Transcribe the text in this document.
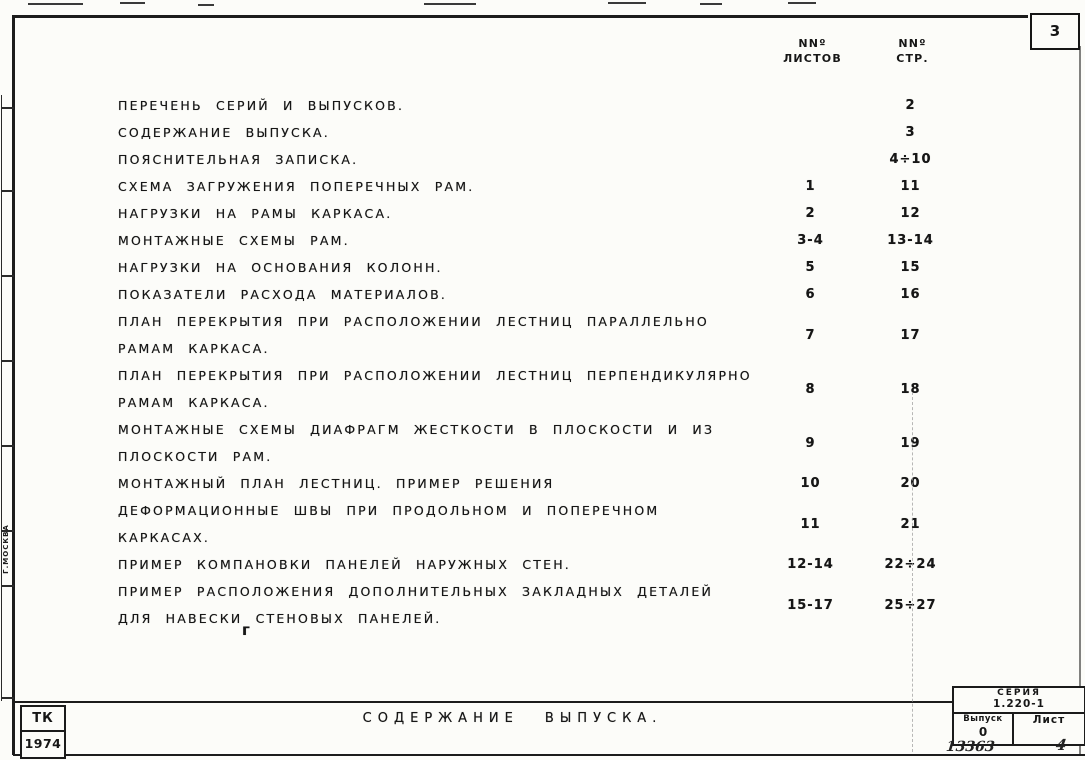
3
Г.МОСКВА
NNº
ЛИСТОВ
NNº
СТР.
ПЕРЕЧЕНЬ СЕРИЙ И ВЫПУСКОВ.	2
СОДЕРЖАНИЕ ВЫПУСКА.	3
ПОЯСНИТЕЛЬНАЯ ЗАПИСКА.	4÷10
СХЕМА ЗАГРУЖЕНИЯ ПОПЕРЕЧНЫХ РАМ.	1	11
НАГРУЗКИ НА РАМЫ КАРКАСА.	2	12
МОНТАЖНЫЕ СХЕМЫ РАМ.	3-4	13-14
НАГРУЗКИ НА ОСНОВАНИЯ КОЛОНН.	5	15
ПОКАЗАТЕЛИ РАСХОДА МАТЕРИАЛОВ.	6	16
ПЛАН ПЕРЕКРЫТИЯ ПРИ РАСПОЛОЖЕНИИ ЛЕСТНИЦ ПАРАЛЛЕЛЬНО
РАМАМ КАРКАСА.
7	17
ПЛАН ПЕРЕКРЫТИЯ ПРИ РАСПОЛОЖЕНИИ ЛЕСТНИЦ ПЕРПЕНДИКУЛЯРНО
РАМАМ КАРКАСА.
8	18
МОНТАЖНЫЕ СХЕМЫ ДИАФРАГМ ЖЕСТКОСТИ В ПЛОСКОСТИ И ИЗ
ПЛОСКОСТИ РАМ.
9	19
МОНТАЖНЫЙ ПЛАН ЛЕСТНИЦ. ПРИМЕР РЕШЕНИЯ	10	20
ДЕФОРМАЦИОННЫЕ ШВЫ ПРИ ПРОДОЛЬНОМ И ПОПЕРЕЧНОМ КАРКАСАХ.
11	21
ПРИМЕР КОМПАНОВКИ ПАНЕЛЕЙ НАРУЖНЫХ СТЕН.	12-14	22÷24
ПРИМЕР РАСПОЛОЖЕНИЯ ДОПОЛНИТЕЛЬНЫХ ЗАКЛАДНЫХ ДЕТАЛЕЙ
ДЛЯ НАВЕСКИ СТЕНОВЫХ ПАНЕЛЕЙ.
15-17	25÷27
г
СОДЕРЖАНИЕ ВЫПУСКА.
ТК
1974
СЕРИЯ
1.220-1
Выпуск
0
Лист
13363	4
